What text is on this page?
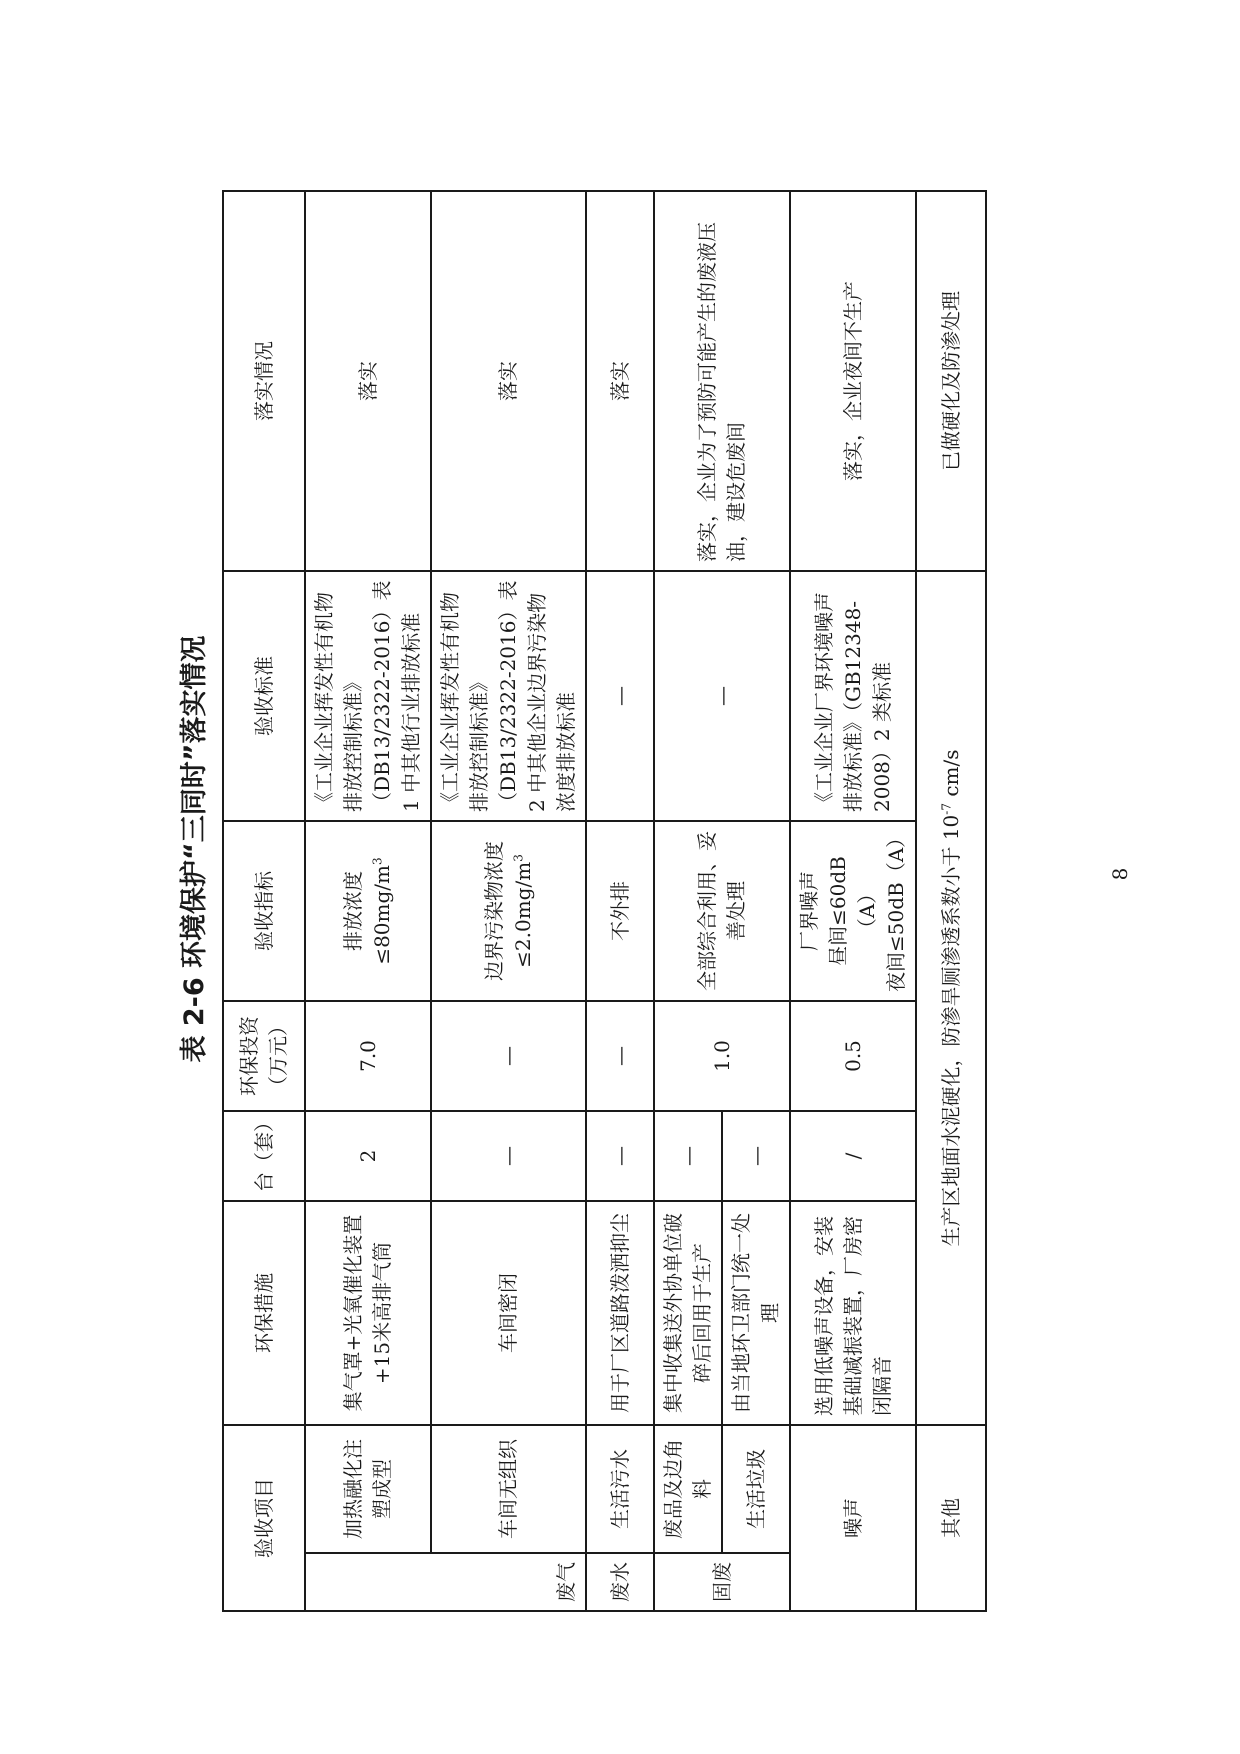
表 2-6 环境保护“三同时”落实情况
验收项目		环保措施	台（套）	环保投资（万元）	验收指标	验收标准	落实情况
废气	加热融化注塑成型	集气罩+光氧催化装置+15米高排气筒	2	7.0	排放浓度 $\le 80mg/m^3$	《工业企业挥发性有机物排放控制标准》（DB13/2322-2016）表 1 中其他行业排放标准	落实
	车间无组织	车间密闭	—	—	边界污染物浓度 $\le 2.0mg/m^3$	《工业企业挥发性有机物排放控制标准》（DB13/2322-2016）表 2 中其他企业边界污染物浓度排放标准	落实
废水	生活污水	用于厂区道路泼洒抑尘	—	—	不外排	—	落实
固废	废品及边角料	集中收集送外协单位破碎后回用于生产	—	1.0	全部综合利用、妥善处理	—	落实，企业为了预防可能产生的废液压油，建设危废间
	生活垃圾	由当地环卫部门统一处理	—				
噪声		选用低噪声设备，安装基础减振装置，厂房密闭隔音	/	0.5	厂界噪声 昼间≤60dB（A） 夜间≤50dB（A）	《工业企业厂界环境噪声排放标准》（GB12348-2008）2 类标准	落实，企业夜间不生产
其他		生产区地面水泥硬化，防渗旱厕渗透系数小于 $10^{-7}$ cm/s					已做硬化及防渗处理
8
